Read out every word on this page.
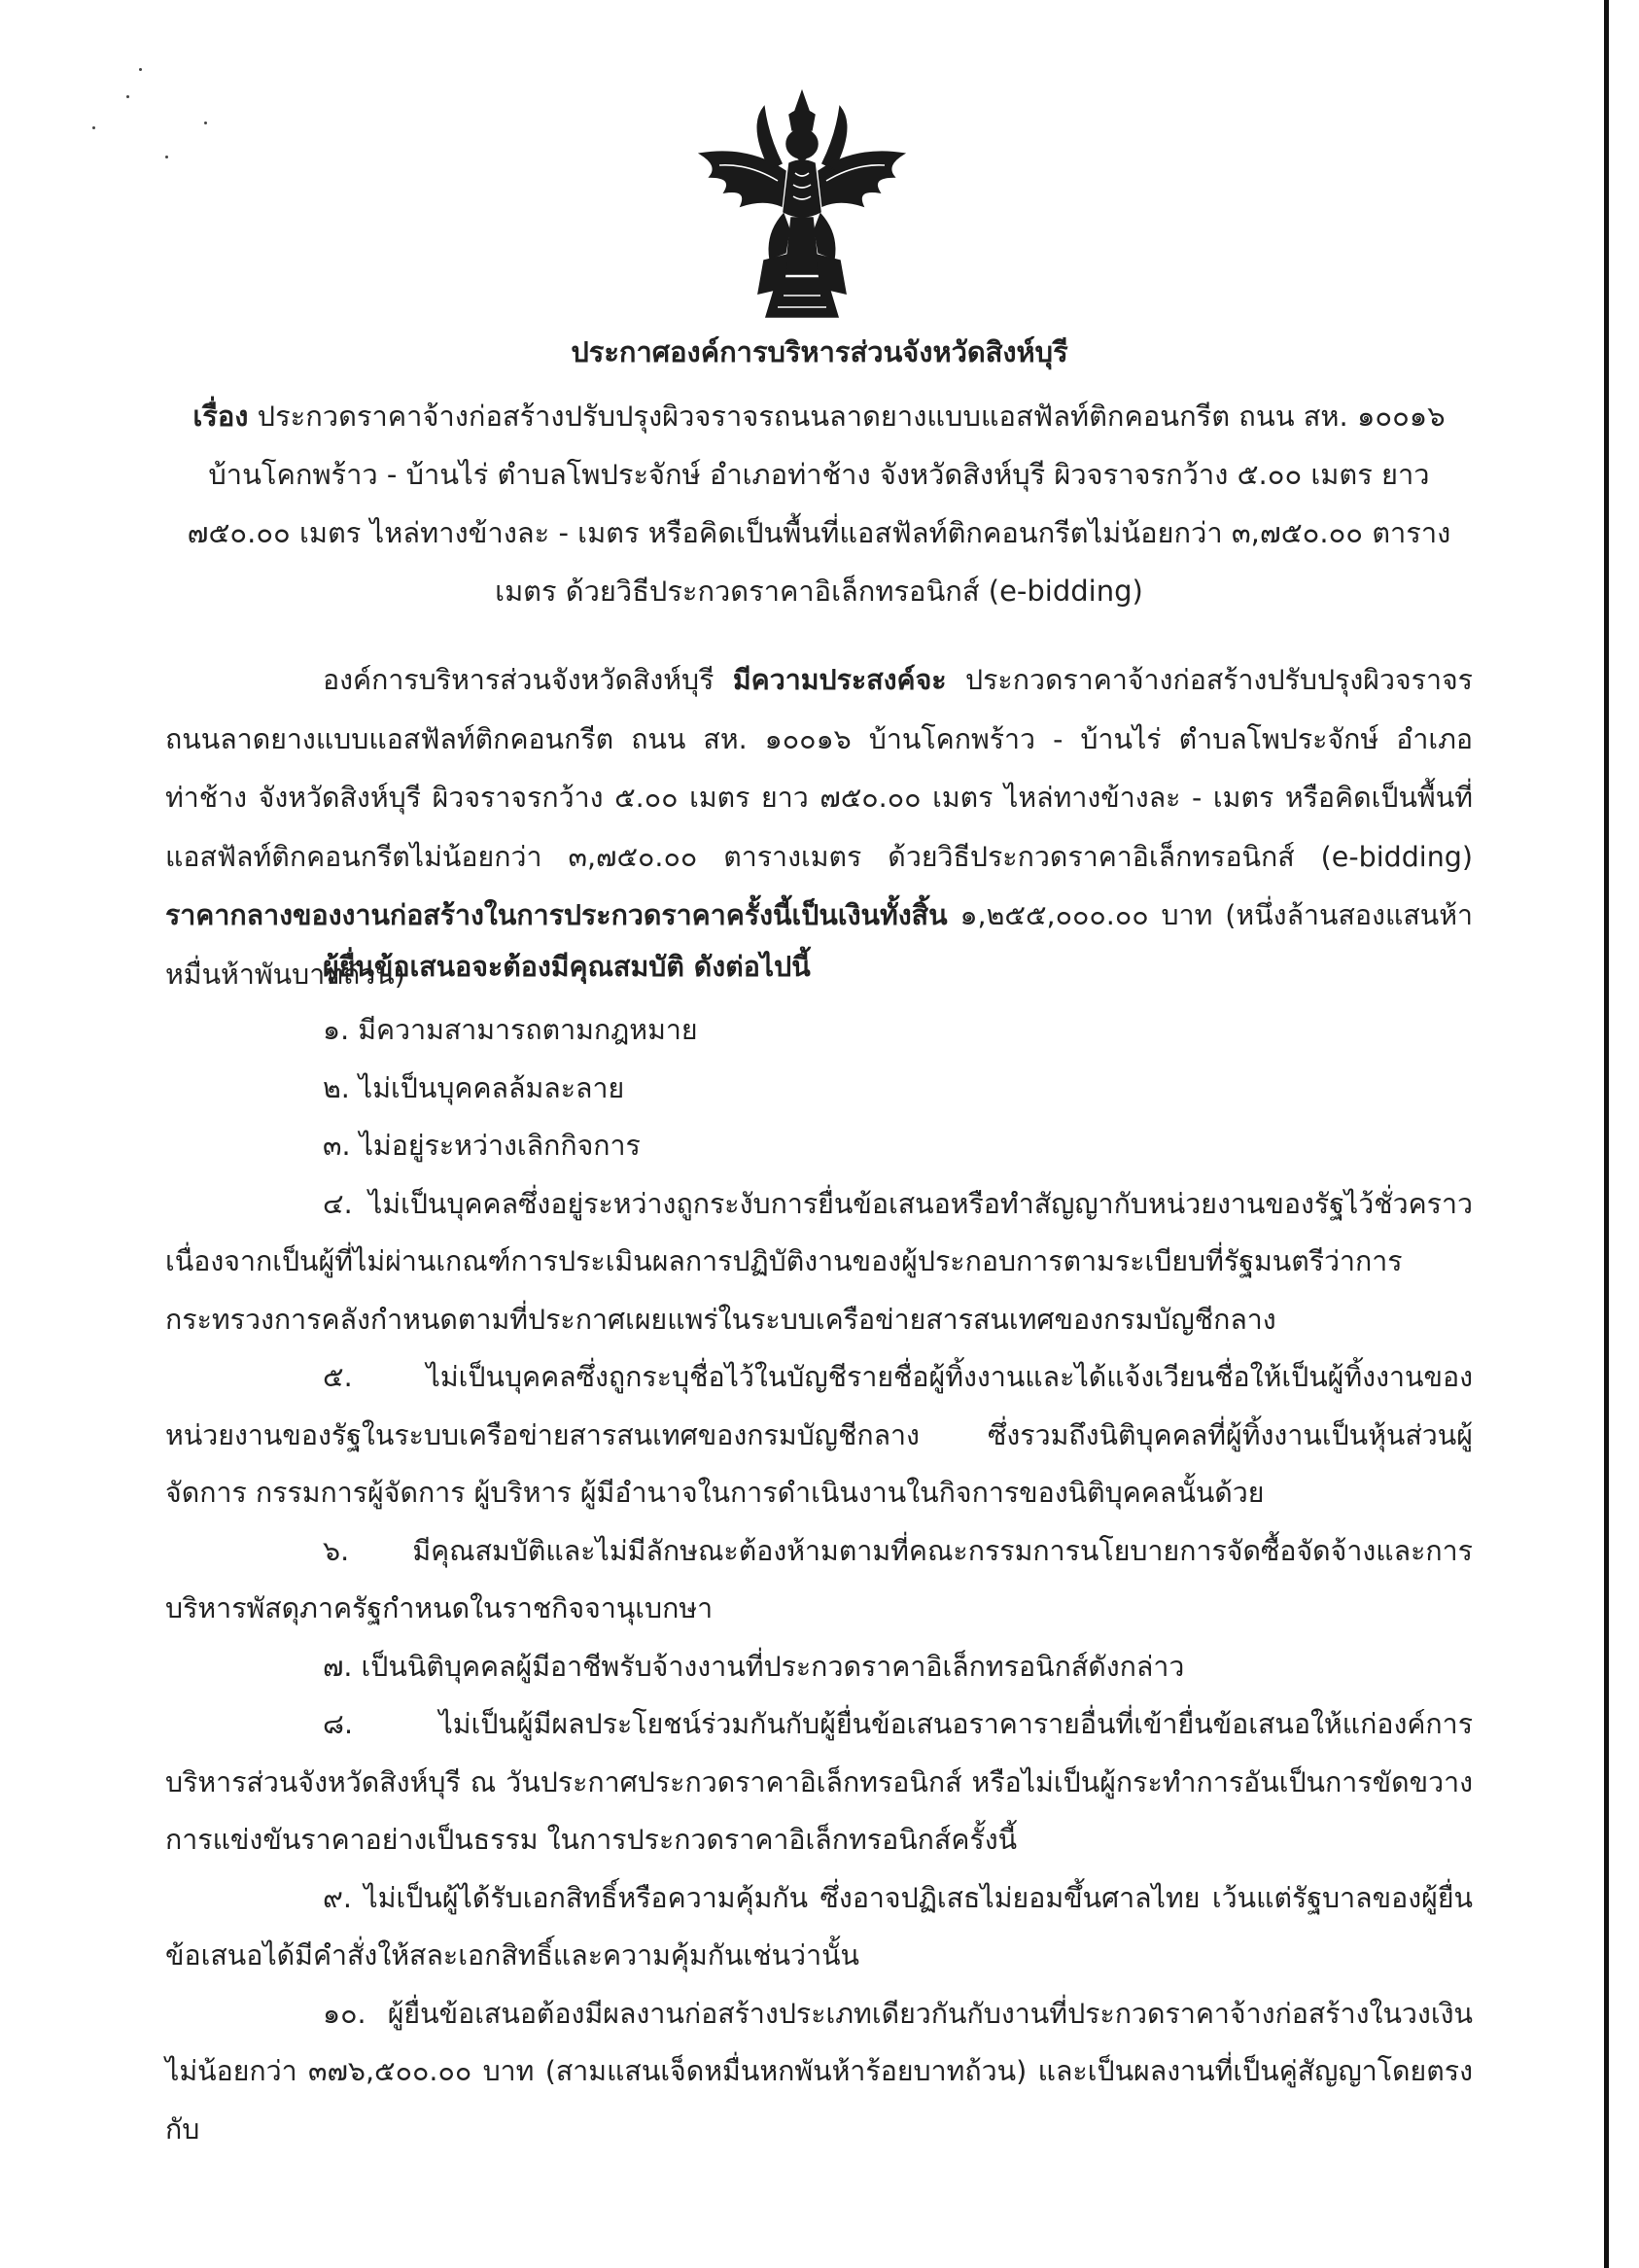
ประกาศองค์การบริหารส่วนจังหวัดสิงห์บุรี
เรื่อง ประกวดราคาจ้างก่อสร้างปรับปรุงผิวจราจรถนนลาดยางแบบแอสฟัลท์ติกคอนกรีต ถนน สห. ๑๐๐๑๖ บ้านโคกพร้าว - บ้านไร่ ตำบลโพประจักษ์ อำเภอท่าช้าง จังหวัดสิงห์บุรี ผิวจราจรกว้าง ๕.๐๐ เมตร ยาว ๗๕๐.๐๐ เมตร ไหล่ทางข้างละ - เมตร หรือคิดเป็นพื้นที่แอสฟัลท์ติกคอนกรีตไม่น้อยกว่า ๓,๗๕๐.๐๐ ตารางเมตร ด้วยวิธีประกวดราคาอิเล็กทรอนิกส์ (e-bidding)
องค์การบริหารส่วนจังหวัดสิงห์บุรี มีความประสงค์จะ ประกวดราคาจ้างก่อสร้างปรับปรุงผิวจราจรถนนลาดยางแบบแอสฟัลท์ติกคอนกรีต ถนน สห. ๑๐๐๑๖ บ้านโคกพร้าว - บ้านไร่ ตำบลโพประจักษ์ อำเภอท่าช้าง จังหวัดสิงห์บุรี ผิวจราจรกว้าง ๕.๐๐ เมตร ยาว ๗๕๐.๐๐ เมตร ไหล่ทางข้างละ - เมตร หรือคิดเป็นพื้นที่แอสฟัลท์ติกคอนกรีตไม่น้อยกว่า ๓,๗๕๐.๐๐ ตารางเมตร ด้วยวิธีประกวดราคาอิเล็กทรอนิกส์ (e-bidding) ราคากลางของงานก่อสร้างในการประกวดราคาครั้งนี้เป็นเงินทั้งสิ้น ๑,๒๕๕,๐๐๐.๐๐ บาท (หนึ่งล้านสองแสนห้าหมื่นห้าพันบาทถ้วน)
ผู้ยื่นข้อเสนอจะต้องมีคุณสมบัติ ดังต่อไปนี้
๑. มีความสามารถตามกฎหมาย
๒. ไม่เป็นบุคคลล้มละลาย
๓. ไม่อยู่ระหว่างเลิกกิจการ
๔. ไม่เป็นบุคคลซึ่งอยู่ระหว่างถูกระงับการยื่นข้อเสนอหรือทำสัญญากับหน่วยงานของรัฐไว้ชั่วคราว เนื่องจากเป็นผู้ที่ไม่ผ่านเกณฑ์การประเมินผลการปฏิบัติงานของผู้ประกอบการตามระเบียบที่รัฐมนตรีว่าการกระทรวงการคลังกำหนดตามที่ประกาศเผยแพร่ในระบบเครือข่ายสารสนเทศของกรมบัญชีกลาง
๕. ไม่เป็นบุคคลซึ่งถูกระบุชื่อไว้ในบัญชีรายชื่อผู้ทิ้งงานและได้แจ้งเวียนชื่อให้เป็นผู้ทิ้งงานของหน่วยงานของรัฐในระบบเครือข่ายสารสนเทศของกรมบัญชีกลาง ซึ่งรวมถึงนิติบุคคลที่ผู้ทิ้งงานเป็นหุ้นส่วนผู้จัดการ กรรมการผู้จัดการ ผู้บริหาร ผู้มีอำนาจในการดำเนินงานในกิจการของนิติบุคคลนั้นด้วย
๖. มีคุณสมบัติและไม่มีลักษณะต้องห้ามตามที่คณะกรรมการนโยบายการจัดซื้อจัดจ้างและการบริหารพัสดุภาครัฐกำหนดในราชกิจจานุเบกษา
๗. เป็นนิติบุคคลผู้มีอาชีพรับจ้างงานที่ประกวดราคาอิเล็กทรอนิกส์ดังกล่าว
๘. ไม่เป็นผู้มีผลประโยชน์ร่วมกันกับผู้ยื่นข้อเสนอราคารายอื่นที่เข้ายื่นข้อเสนอให้แก่องค์การบริหารส่วนจังหวัดสิงห์บุรี ณ วันประกาศประกวดราคาอิเล็กทรอนิกส์ หรือไม่เป็นผู้กระทำการอันเป็นการขัดขวางการแข่งขันราคาอย่างเป็นธรรม ในการประกวดราคาอิเล็กทรอนิกส์ครั้งนี้
๙. ไม่เป็นผู้ได้รับเอกสิทธิ์หรือความคุ้มกัน ซึ่งอาจปฏิเสธไม่ยอมขึ้นศาลไทย เว้นแต่รัฐบาลของผู้ยื่นข้อเสนอได้มีคำสั่งให้สละเอกสิทธิ์และความคุ้มกันเช่นว่านั้น
๑๐. ผู้ยื่นข้อเสนอต้องมีผลงานก่อสร้างประเภทเดียวกันกับงานที่ประกวดราคาจ้างก่อสร้างในวงเงินไม่น้อยกว่า ๓๗๖,๕๐๐.๐๐ บาท (สามแสนเจ็ดหมื่นหกพันห้าร้อยบาทถ้วน) และเป็นผลงานที่เป็นคู่สัญญาโดยตรงกับ
